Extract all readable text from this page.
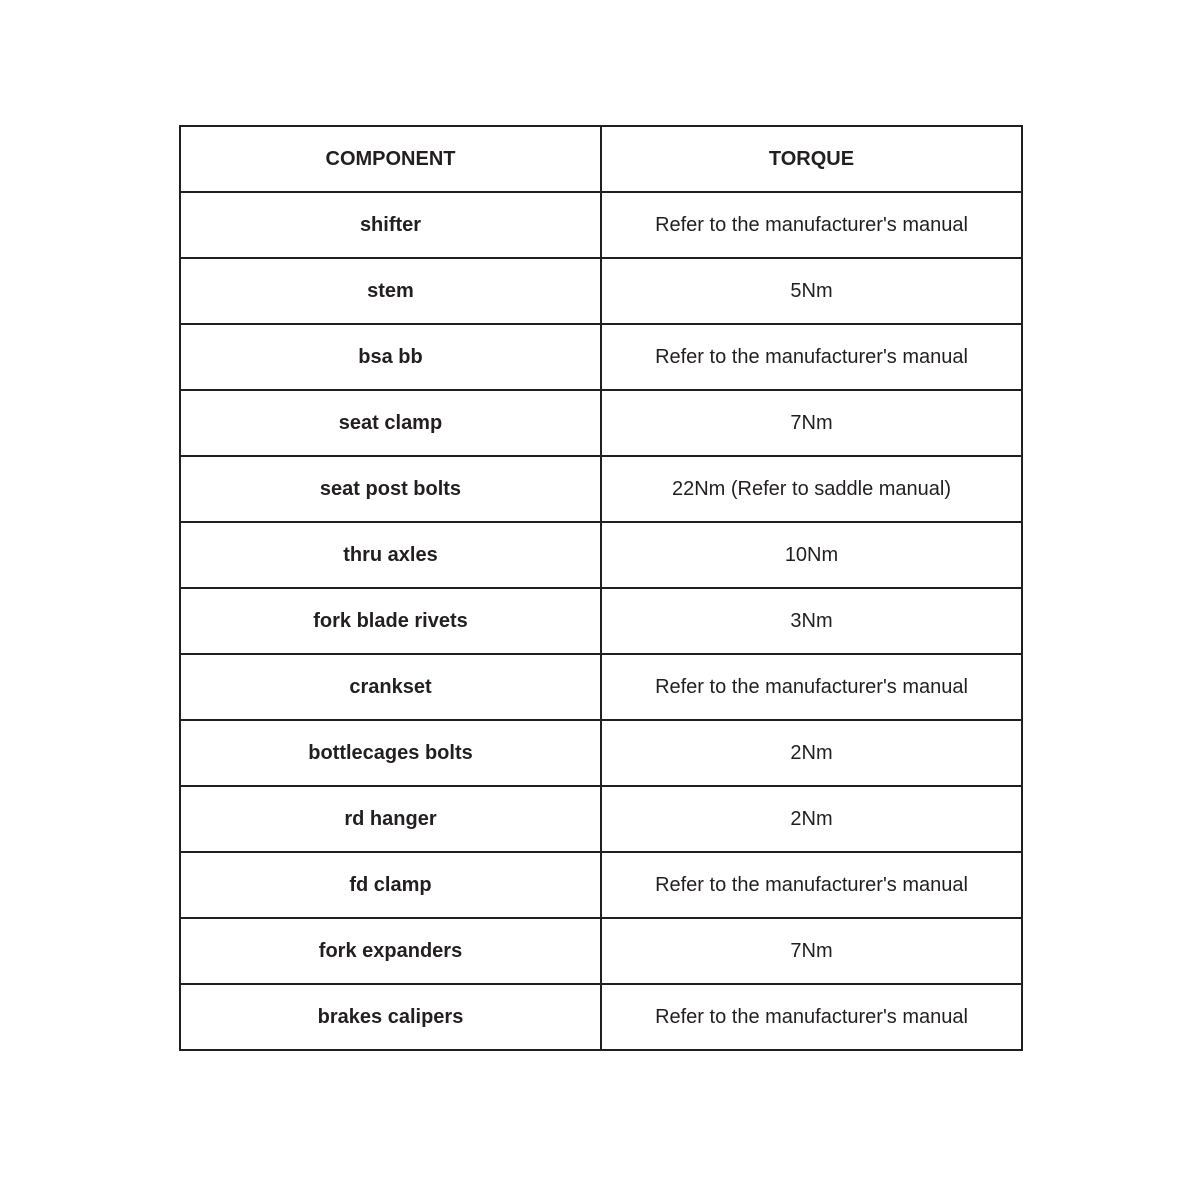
COMPONENT	TORQUE
shifter	Refer to the manufacturer's manual
stem	5Nm
bsa bb	Refer to the manufacturer's manual
seat clamp	7Nm
seat post bolts	22Nm (Refer to saddle manual)
thru axles	10Nm
fork blade rivets	3Nm
crankset	Refer to the manufacturer's manual
bottlecages bolts	2Nm
rd hanger	2Nm
fd clamp	Refer to the manufacturer's manual
fork expanders	7Nm
brakes calipers	Refer to the manufacturer's manual
